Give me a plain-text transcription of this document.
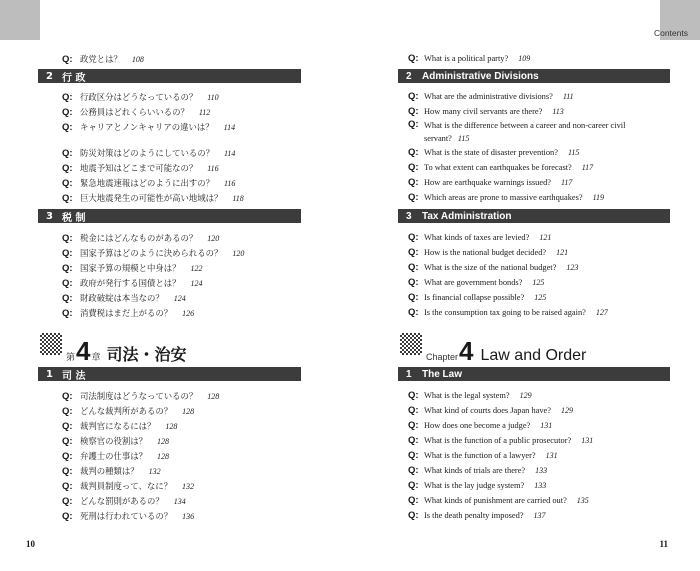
Q: 政党とは？ 108
2 行 政
Q: 行政区分はどうなっているの？ 110
Q: 公務員はどれくらいいるの？ 112
Q: キャリアとノンキャリアの違いは？ 114
Q: 防災対策はどのようにしているの？ 114
Q: 地震予知はどこまで可能なの？ 116
Q: 緊急地震速報はどのように出すの？ 116
Q: 巨大地震発生の可能性が高い地域は？ 118
3 税 制
Q: 税金にはどんなものがあるの？ 120
Q: 国家予算はどのように決められるの？ 120
Q: 国家予算の規模と中身は？ 122
Q: 政府が発行する国債とは？ 124
Q: 財政破綻は本当なの？ 124
Q: 消費税はまだ上がるの？ 126
第 4 章 司法・治安
1 司 法
Q: 司法制度はどうなっているの？ 128
Q: どんな裁判所があるの？ 128
Q: 裁判官になるには？ 128
Q: 検察官の役割は？ 128
Q: 弁護士の仕事は？ 128
Q: 裁判の種類は？ 132
Q: 裁判員制度って、なに？ 132
Q: どんな罰則があるの？ 134
Q: 死刑は行われているの？ 136
10
Contents
Q: What is a political party? 109
2	Administrative Divisions
Q: What are the administrative divisions? 111
Q: How many civil servants are there? 113
Q: What is the difference between a career and non-career civil servant? 115
Q: What is the state of disaster prevention? 115
Q: To what extent can earthquakes be forecast? 117
Q: How are earthquake warnings issued? 117
Q: Which areas are prone to massive earthquakes? 119
3	Tax Administration
Q: What kinds of taxes are levied? 121
Q: How is the national budget decided? 121
Q: What is the size of the national budget? 123
Q: What are government bonds? 125
Q: Is financial collapse possible? 125
Q: Is the consumption tax going to be raised again? 127
Chapter 4 Law and Order
1	The Law
Q: What is the legal system? 129
Q: What kind of courts does Japan have? 129
Q: How does one become a judge? 131
Q: What is the function of a public prosecutor? 131
Q: What is the function of a lawyer? 131
Q: What kinds of trials are there? 133
Q: What is the lay judge system? 133
Q: What kinds of punishment are carried out? 135
Q: Is the death penalty imposed? 137
11
